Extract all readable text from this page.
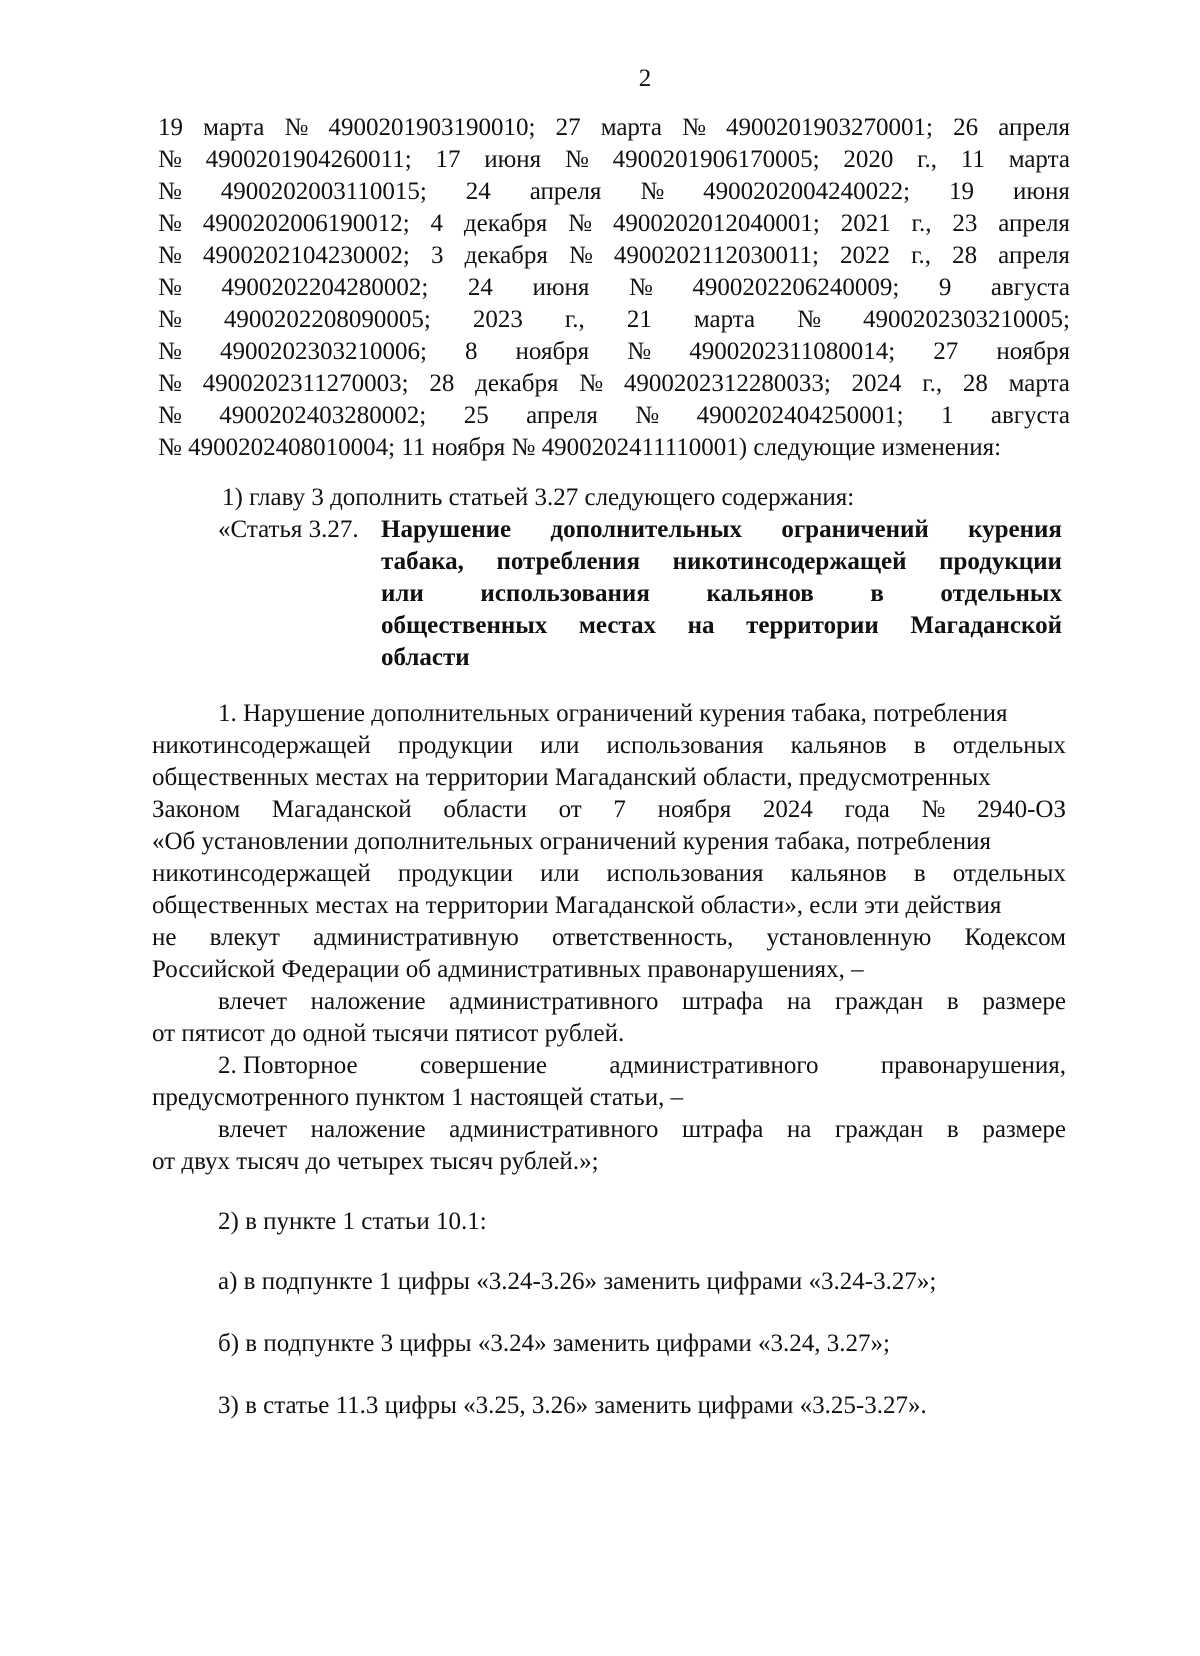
2
19 марта № 4900201903190010; 27 марта № 4900201903270001; 26 апреля
№ 4900201904260011; 17 июня № 4900201906170005; 2020 г., 11 марта
№ 4900202003110015; 24 апреля № 4900202004240022; 19 июня
№ 4900202006190012; 4 декабря № 4900202012040001; 2021 г., 23 апреля
№ 4900202104230002; 3 декабря № 4900202112030011; 2022 г., 28 апреля
№ 4900202204280002; 24 июня № 4900202206240009; 9 августа
№ 4900202208090005; 2023 г., 21 марта № 4900202303210005;
№ 4900202303210006; 8 ноября № 4900202311080014; 27 ноября
№ 4900202311270003; 28 декабря № 4900202312280033; 2024 г., 28 марта
№ 4900202403280002; 25 апреля № 4900202404250001; 1 августа
№ 4900202408010004; 11 ноября № 4900202411110001) следующие изменения:
1) главу 3 дополнить статьей 3.27 следующего содержания:
«Статья 3.27. Нарушение дополнительных ограничений курения
табака, потребления никотинсодержащей продукции
или использования кальянов в отдельных
общественных местах на территории Магаданской
области
1. Нарушение дополнительных ограничений курения табака, потребления
никотинсодержащей продукции или использования кальянов в отдельных
общественных местах на территории Магаданский области, предусмотренных
Законом Магаданской области от 7 ноября 2024 года № 2940-ОЗ
«Об установлении дополнительных ограничений курения табака, потребления
никотинсодержащей продукции или использования кальянов в отдельных
общественных местах на территории Магаданской области», если эти действия
не влекут административную ответственность, установленную Кодексом
Российской Федерации об административных правонарушениях, –
влечет наложение административного штрафа на граждан в размере
от пятисот до одной тысячи пятисот рублей.
2. Повторное совершение административного правонарушения,
предусмотренного пунктом 1 настоящей статьи, –
влечет наложение административного штрафа на граждан в размере
от двух тысяч до четырех тысяч рублей.»;
2) в пункте 1 статьи 10.1:
а) в подпункте 1 цифры «3.24-3.26» заменить цифрами «3.24-3.27»;
б) в подпункте 3 цифры «3.24» заменить цифрами «3.24, 3.27»;
3) в статье 11.3 цифры «3.25, 3.26» заменить цифрами «3.25-3.27».
